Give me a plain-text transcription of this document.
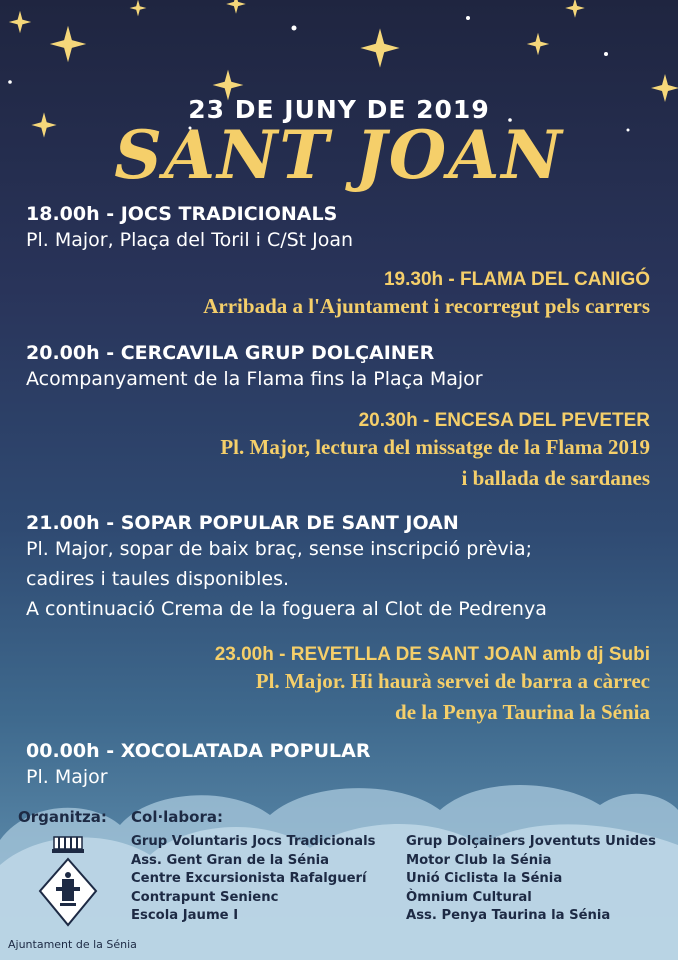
23 DE JUNY DE 2019
SANT JOAN
18.00h - JOCS TRADICIONALS
Pl. Major, Plaça del Toril i C/St Joan
19.30h - FLAMA DEL CANIGÓ
Arribada a l'Ajuntament i recorregut pels carrers
20.00h - CERCAVILA GRUP DOLÇAINER
Acompanyament de la Flama fins la Plaça Major
20.30h - ENCESA DEL PEVETER
Pl. Major, lectura del missatge de la Flama 2019
i ballada de sardanes
21.00h - SOPAR POPULAR DE SANT JOAN
Pl. Major, sopar de baix braç, sense inscripció prèvia;
cadires i taules disponibles.
A continuació Crema de la foguera al Clot de Pedrenya
23.00h - REVETLLA DE SANT JOAN amb dj Subi
Pl. Major. Hi haurà servei de barra a càrrec
de la Penya Taurina la Sénia
00.00h - XOCOLATADA POPULAR
Pl. Major
Organitza: Col·labora:
Grup Voluntaris Jocs Tradicionals
Ass. Gent Gran de la Sénia
Centre Excursionista Rafalguerí
Contrapunt Senienc
Escola Jaume I
Grup Dolçainers Joventuts Unides
Motor Club la Sénia
Unió Ciclista la Sénia
Òmnium Cultural
Ass. Penya Taurina la Sénia
Ajuntament de la Sénia
